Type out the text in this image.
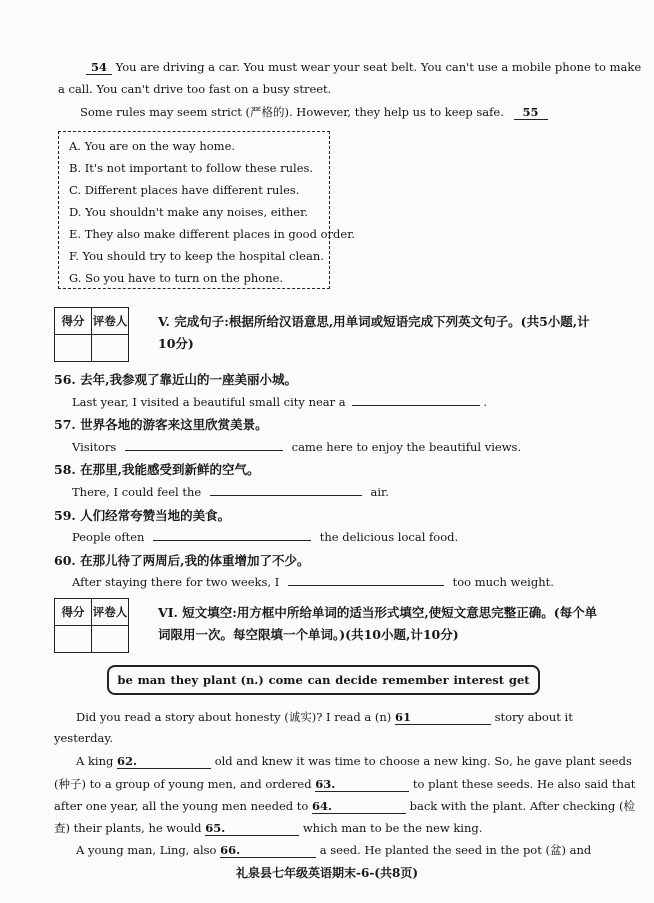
54 You are driving a car. You must wear your seat belt. You can't use a mobile phone to make
a call. You can't drive too fast on a busy street.
Some rules may seem strict (严格的). However, they help us to keep safe. 55
A. You are on the way home.
B. It's not important to follow these rules.
C. Different places have different rules.
D. You shouldn't make any noises, either.
E. They also make different places in good order.
F. You should try to keep the hospital clean.
G. So you have to turn on the phone.
得分	评卷人
	V. 完成句子:根据所给汉语意思,用单词或短语完成下列英文句子。(共5小题,计10分)
56. 去年,我参观了靠近山的一座美丽小城。
Last year, I visited a beautiful small city near a	.
57. 世界各地的游客来这里欣赏美景。
Visitors	came here to enjoy the beautiful views.
58. 在那里,我能感受到新鲜的空气。
There, I could feel the	air.
59. 人们经常夸赞当地的美食。
People often	the delicious local food.
60. 在那儿待了两周后,我的体重增加了不少。
After staying there for two weeks, I	too much weight.
得分	评卷人
	VI. 短文填空:用方框中所给单词的适当形式填空,使短文意思完整正确。(每个单词限用一次。每空限填一个单词。)(共10小题,计10分)
be man they plant (n.) come can decide remember interest get
Did you read a story about honesty (诚实)? I read a (n) 61	story about it
yesterday.
A king 62.	old and knew it was time to choose a new king. So, he gave plant seeds
(种子) to a group of young men, and ordered 63.	to plant these seeds. He also said that
after one year, all the young men needed to 64.	back with the plant. After checking (检
查) their plants, he would 65.	which man to be the new king.
A young man, Ling, also 66.	a seed. He planted the seed in the pot (盆) and
礼泉县七年级英语期末-6-(共8页)
